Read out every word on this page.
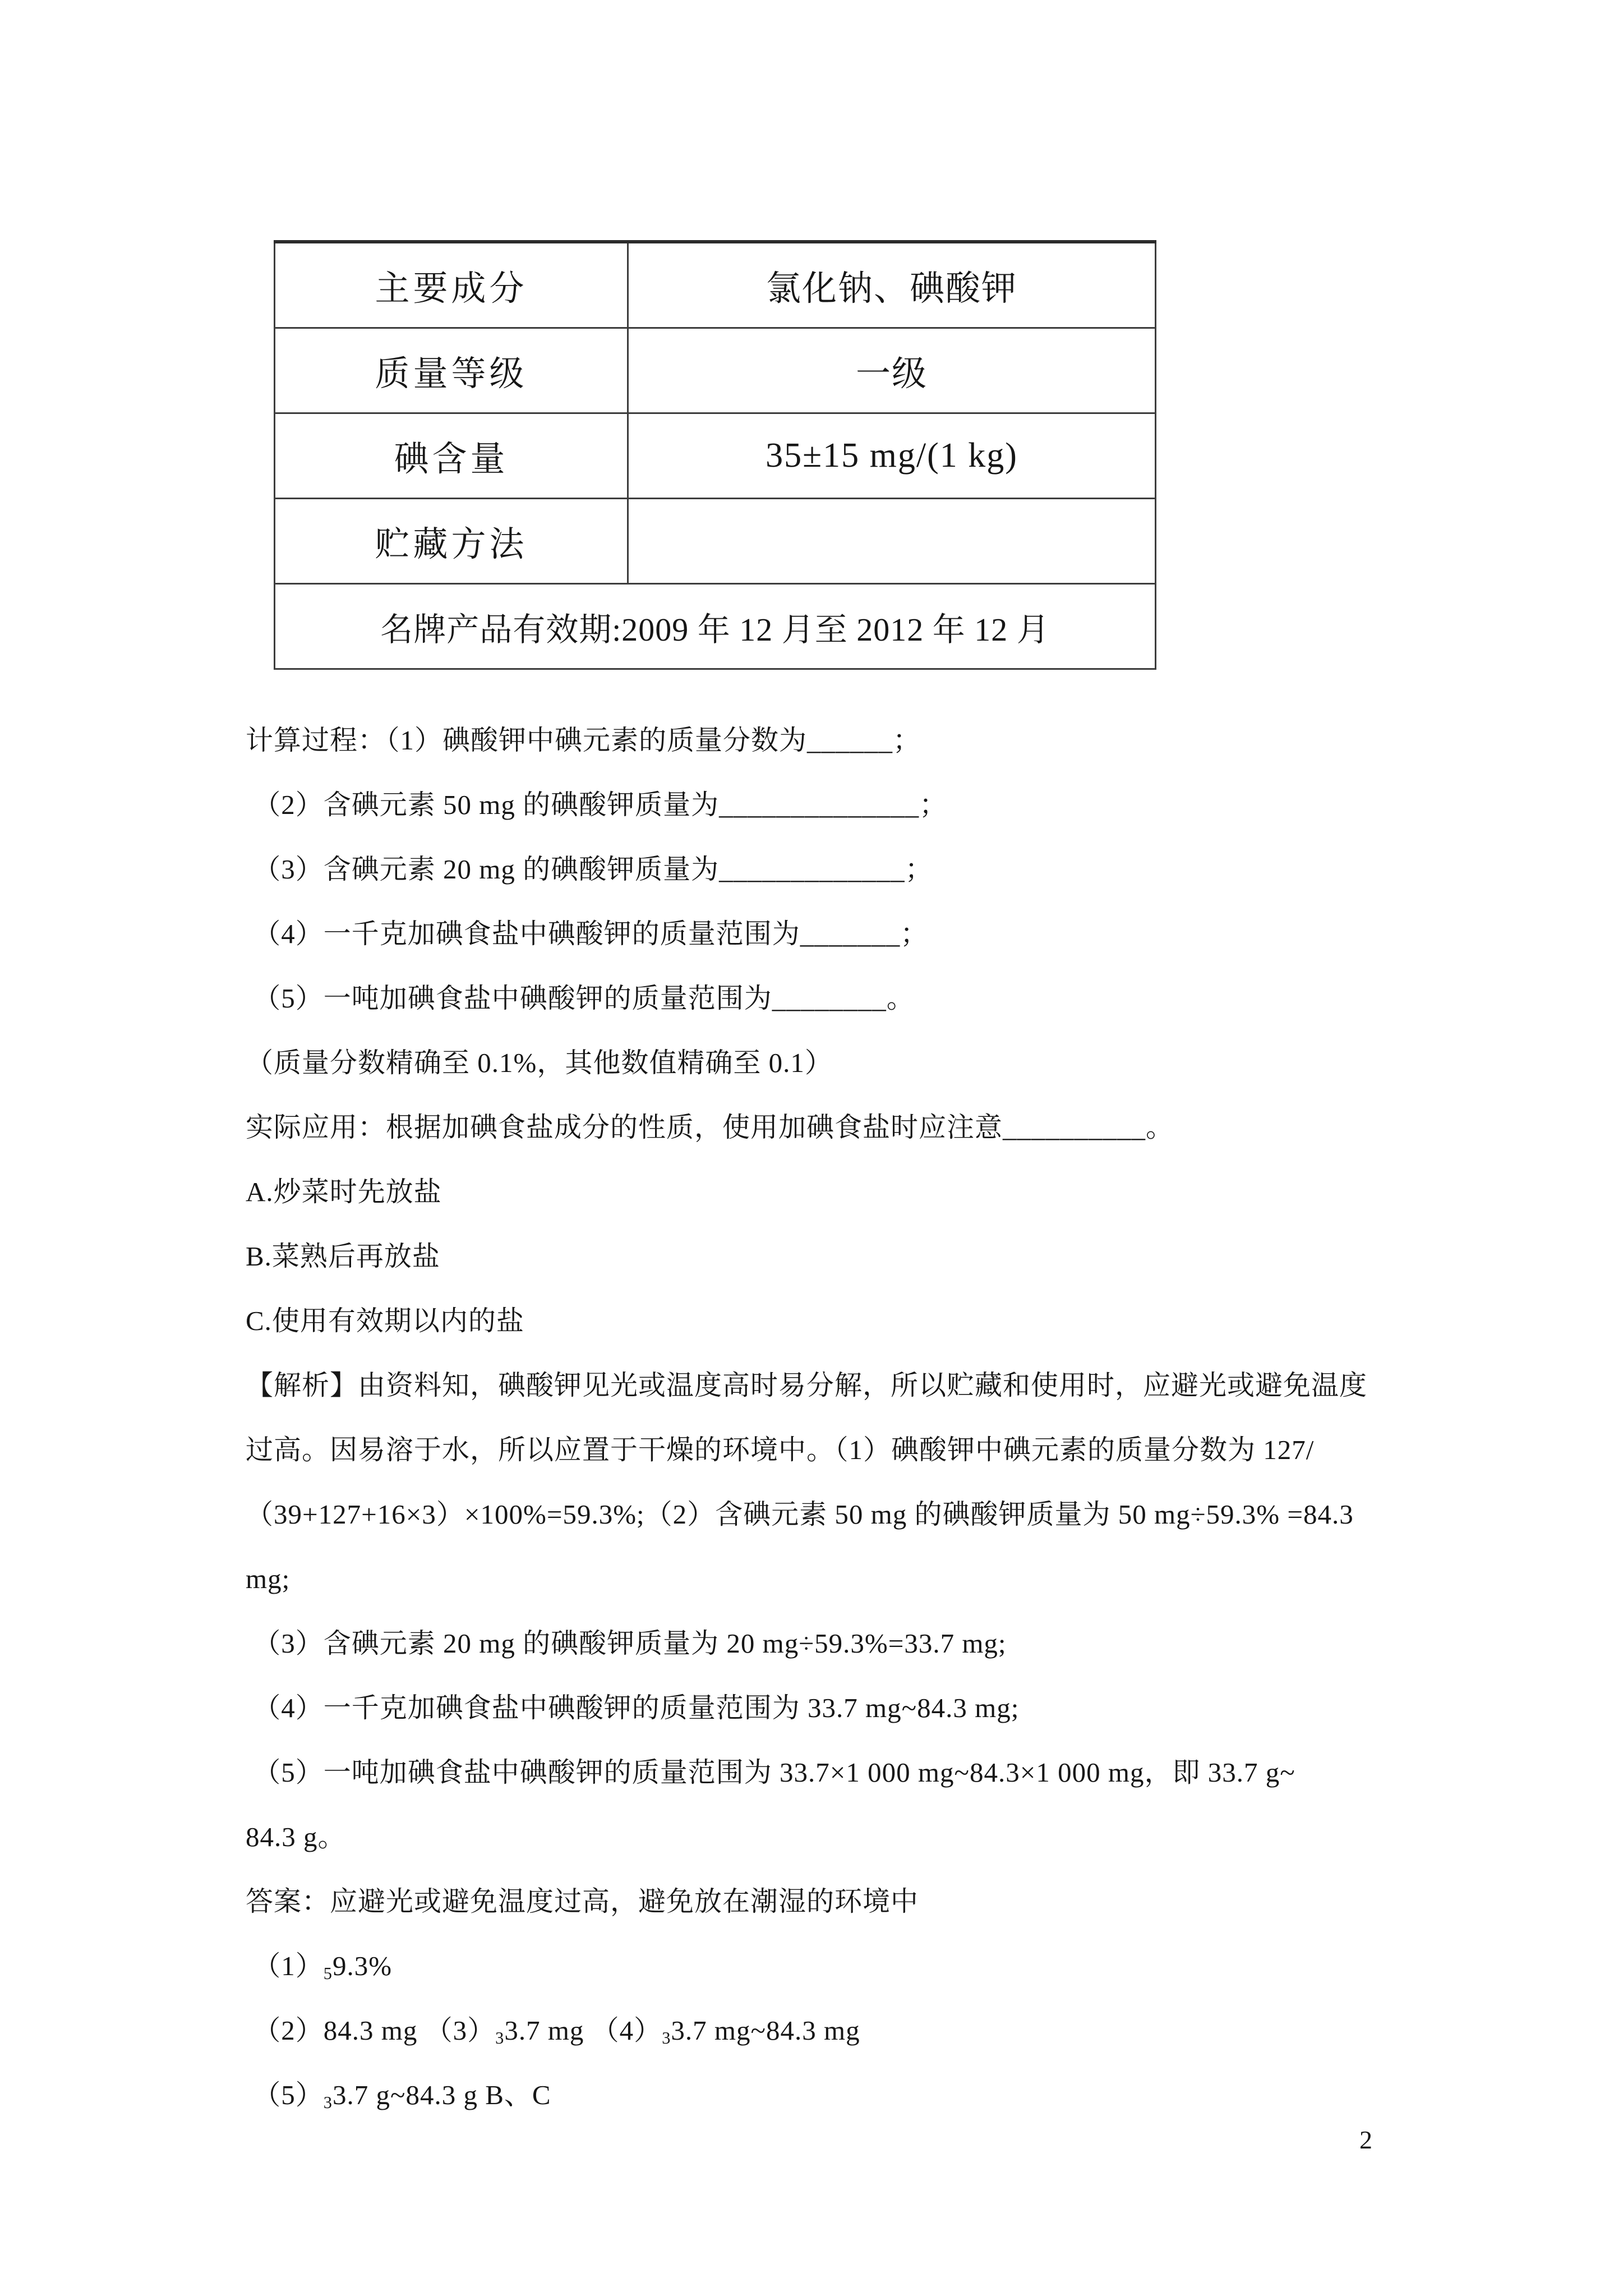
主要成分	氯化钠、碘酸钾
质量等级	一级
碘含量	35±15 mg/(1 kg)
贮藏方法	
名牌产品有效期:2009 年 12 月至 2012 年 12 月	
计算过程：（1）碘酸钾中碘元素的质量分数为______；
（2）含碘元素 50 mg 的碘酸钾质量为______________；
（3）含碘元素 20 mg 的碘酸钾质量为_____________；
（4）一千克加碘食盐中碘酸钾的质量范围为_______；
（5）一吨加碘食盐中碘酸钾的质量范围为________。
（质量分数精确至 0.1%，其他数值精确至 0.1）
实际应用：根据加碘食盐成分的性质，使用加碘食盐时应注意__________。
A.炒菜时先放盐
B.菜熟后再放盐
C.使用有效期以内的盐
【解析】由资料知，碘酸钾见光或温度高时易分解，所以贮藏和使用时，应避光或避免温度
过高。因易溶于水，所以应置于干燥的环境中。（1）碘酸钾中碘元素的质量分数为 127/
（39+127+16×3）×100%=59.3%;（2）含碘元素 50 mg 的碘酸钾质量为 50 mg÷59.3% =84.3
mg;
（3）含碘元素 20 mg 的碘酸钾质量为 20 mg÷59.3%=33.7 mg;
（4）一千克加碘食盐中碘酸钾的质量范围为 33.7 mg~84.3 mg;
（5）一吨加碘食盐中碘酸钾的质量范围为 33.7×1 000 mg~84.3×1 000 mg，即 33.7 g~
84.3 g。
答案：应避光或避免温度过高，避免放在潮湿的环境中
$(1)_59.3\%$
（2）84.3 mg $(3)_33.7$ mg $(4)_33.7$ mg~84.3 mg
$(5)_33.7$ g~84.3 g B、C
2
